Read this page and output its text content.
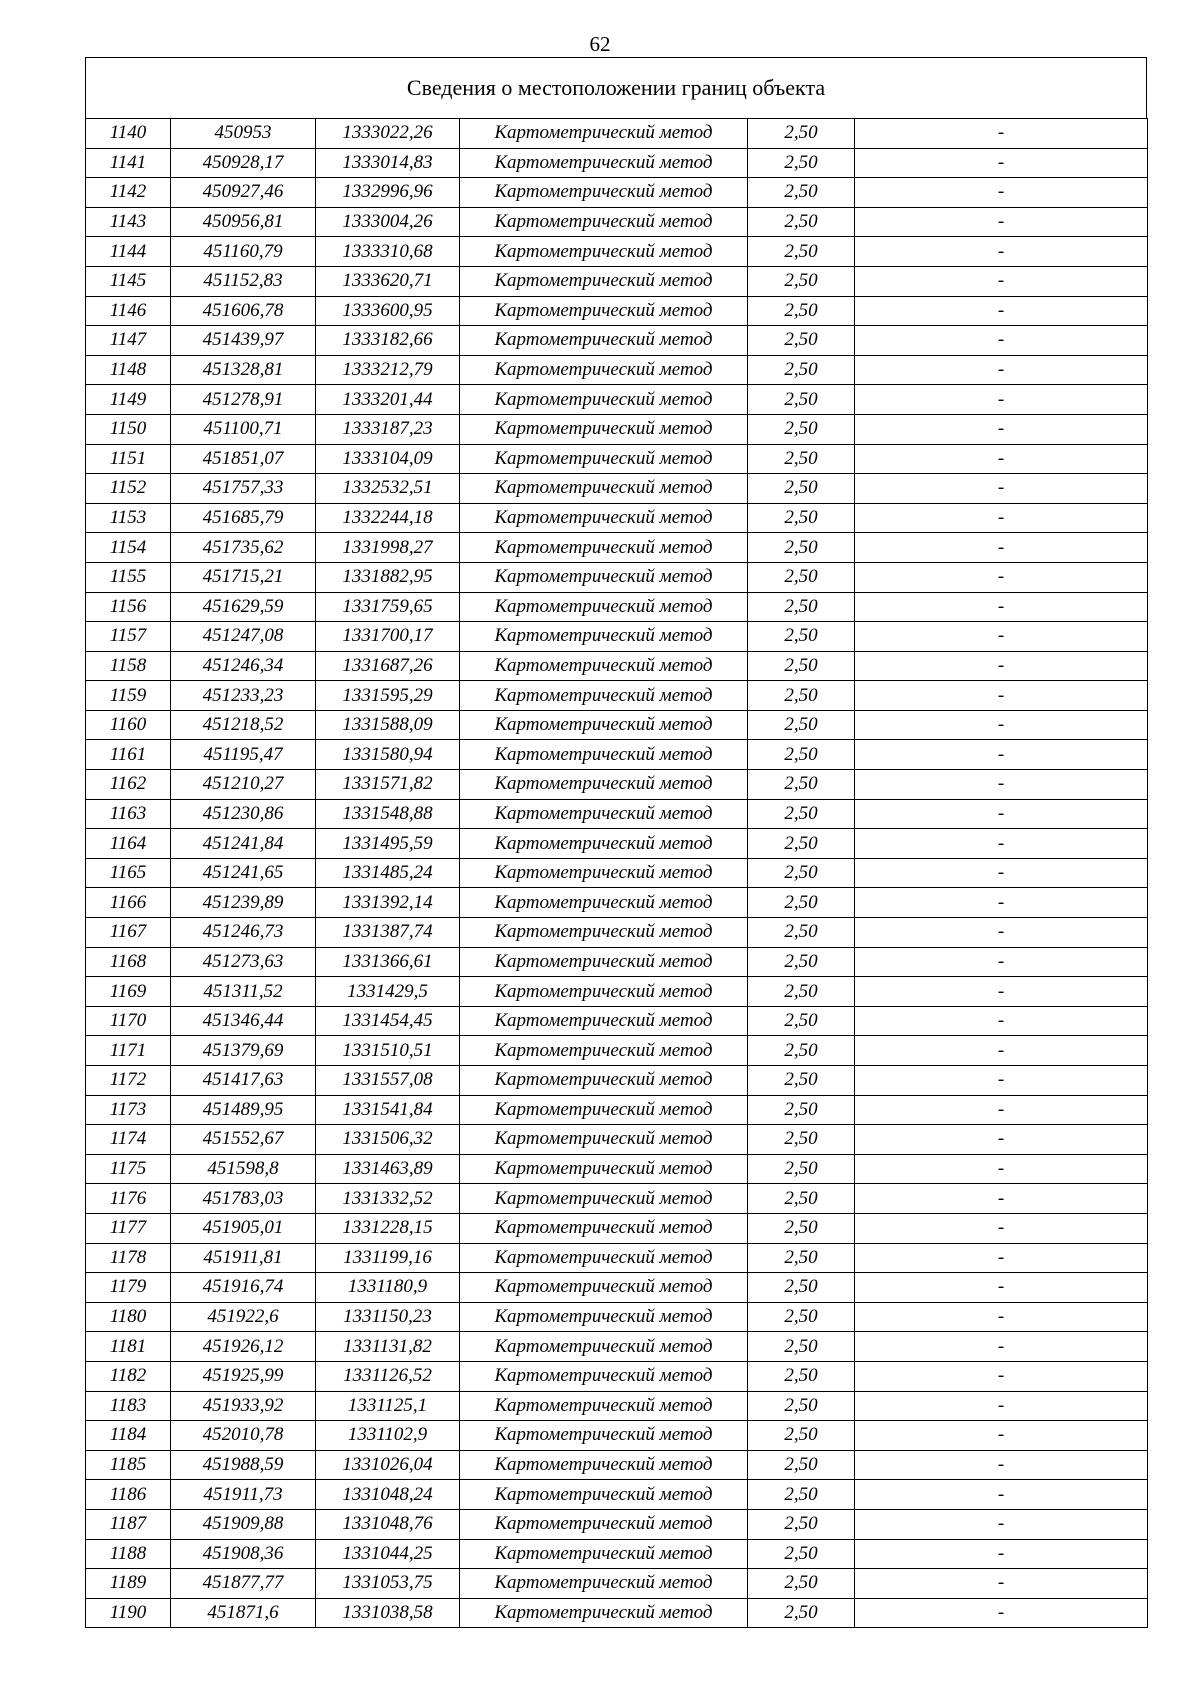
62
Сведения о местоположении границ объекта
1140	450953	1333022,26	Картометрический метод	2,50	-
1141	450928,17	1333014,83	Картометрический метод	2,50	-
1142	450927,46	1332996,96	Картометрический метод	2,50	-
1143	450956,81	1333004,26	Картометрический метод	2,50	-
1144	451160,79	1333310,68	Картометрический метод	2,50	-
1145	451152,83	1333620,71	Картометрический метод	2,50	-
1146	451606,78	1333600,95	Картометрический метод	2,50	-
1147	451439,97	1333182,66	Картометрический метод	2,50	-
1148	451328,81	1333212,79	Картометрический метод	2,50	-
1149	451278,91	1333201,44	Картометрический метод	2,50	-
1150	451100,71	1333187,23	Картометрический метод	2,50	-
1151	451851,07	1333104,09	Картометрический метод	2,50	-
1152	451757,33	1332532,51	Картометрический метод	2,50	-
1153	451685,79	1332244,18	Картометрический метод	2,50	-
1154	451735,62	1331998,27	Картометрический метод	2,50	-
1155	451715,21	1331882,95	Картометрический метод	2,50	-
1156	451629,59	1331759,65	Картометрический метод	2,50	-
1157	451247,08	1331700,17	Картометрический метод	2,50	-
1158	451246,34	1331687,26	Картометрический метод	2,50	-
1159	451233,23	1331595,29	Картометрический метод	2,50	-
1160	451218,52	1331588,09	Картометрический метод	2,50	-
1161	451195,47	1331580,94	Картометрический метод	2,50	-
1162	451210,27	1331571,82	Картометрический метод	2,50	-
1163	451230,86	1331548,88	Картометрический метод	2,50	-
1164	451241,84	1331495,59	Картометрический метод	2,50	-
1165	451241,65	1331485,24	Картометрический метод	2,50	-
1166	451239,89	1331392,14	Картометрический метод	2,50	-
1167	451246,73	1331387,74	Картометрический метод	2,50	-
1168	451273,63	1331366,61	Картометрический метод	2,50	-
1169	451311,52	1331429,5	Картометрический метод	2,50	-
1170	451346,44	1331454,45	Картометрический метод	2,50	-
1171	451379,69	1331510,51	Картометрический метод	2,50	-
1172	451417,63	1331557,08	Картометрический метод	2,50	-
1173	451489,95	1331541,84	Картометрический метод	2,50	-
1174	451552,67	1331506,32	Картометрический метод	2,50	-
1175	451598,8	1331463,89	Картометрический метод	2,50	-
1176	451783,03	1331332,52	Картометрический метод	2,50	-
1177	451905,01	1331228,15	Картометрический метод	2,50	-
1178	451911,81	1331199,16	Картометрический метод	2,50	-
1179	451916,74	1331180,9	Картометрический метод	2,50	-
1180	451922,6	1331150,23	Картометрический метод	2,50	-
1181	451926,12	1331131,82	Картометрический метод	2,50	-
1182	451925,99	1331126,52	Картометрический метод	2,50	-
1183	451933,92	1331125,1	Картометрический метод	2,50	-
1184	452010,78	1331102,9	Картометрический метод	2,50	-
1185	451988,59	1331026,04	Картометрический метод	2,50	-
1186	451911,73	1331048,24	Картометрический метод	2,50	-
1187	451909,88	1331048,76	Картометрический метод	2,50	-
1188	451908,36	1331044,25	Картометрический метод	2,50	-
1189	451877,77	1331053,75	Картометрический метод	2,50	-
1190	451871,6	1331038,58	Картометрический метод	2,50	-
